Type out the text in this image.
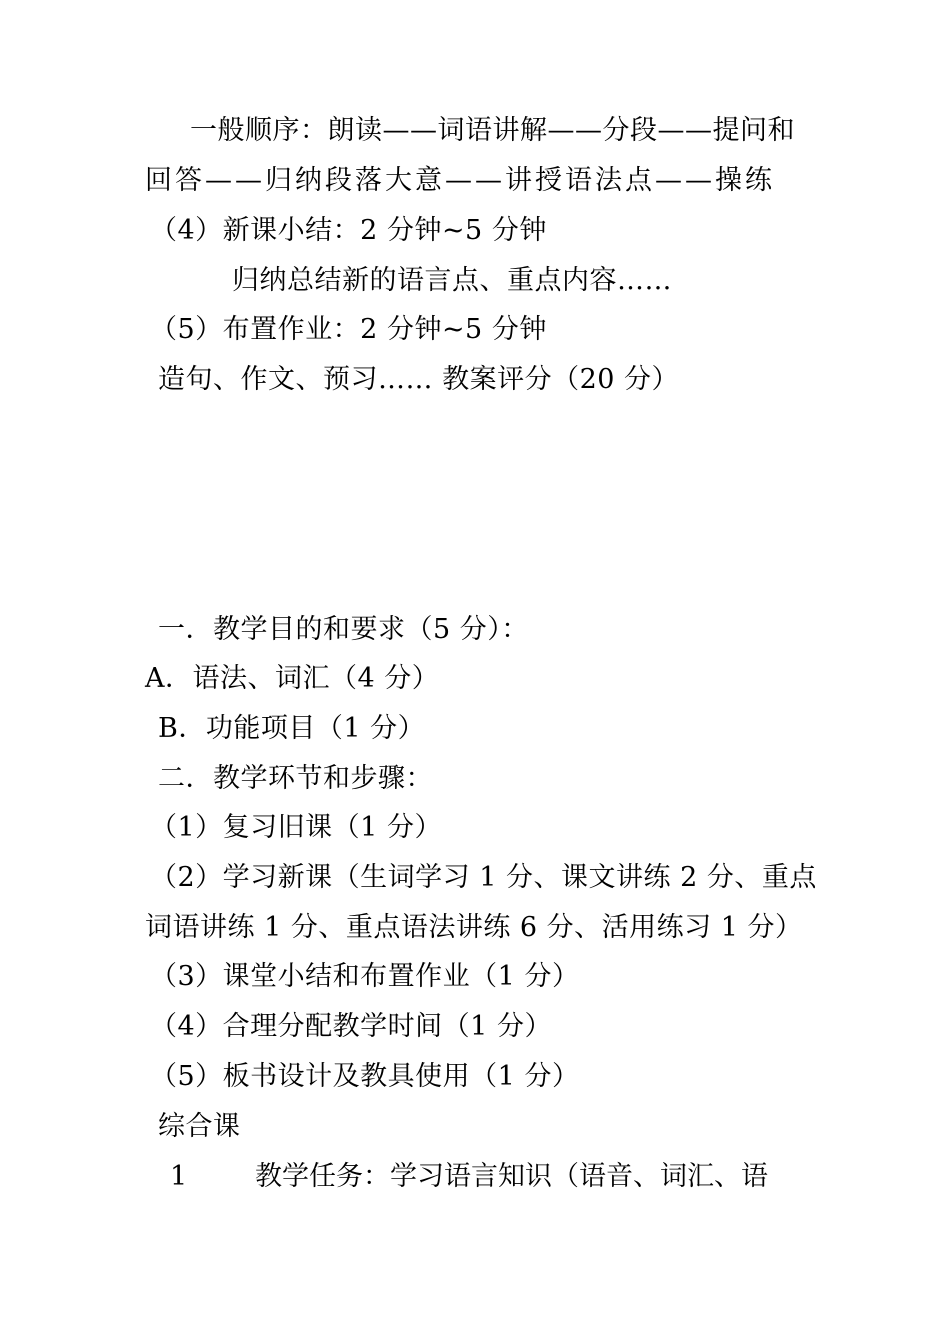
一般顺序：朗读——词语讲解——分段——提问和
回答——归纳段落大意——讲授语法点——操练
（4）新课小结：2 分钟~5 分钟
归纳总结新的语言点、重点内容……
（5）布置作业：2 分钟~5 分钟
造句、作文、预习…… 教案评分（20 分）
一．教学目的和要求（5 分）：
A．语法、词汇（4 分）
B．功能项目（1 分）
二．教学环节和步骤：
（1）复习旧课（1 分）
（2）学习新课（生词学习 1 分、课文讲练 2 分、重点
词语讲练 1 分、重点语法讲练 6 分、活用练习 1 分）
（3）课堂小结和布置作业（1 分）
（4）合理分配教学时间（1 分）
（5）板书设计及教具使用（1 分）
综合课
1	教学任务：学习语言知识（语音、词汇、语
